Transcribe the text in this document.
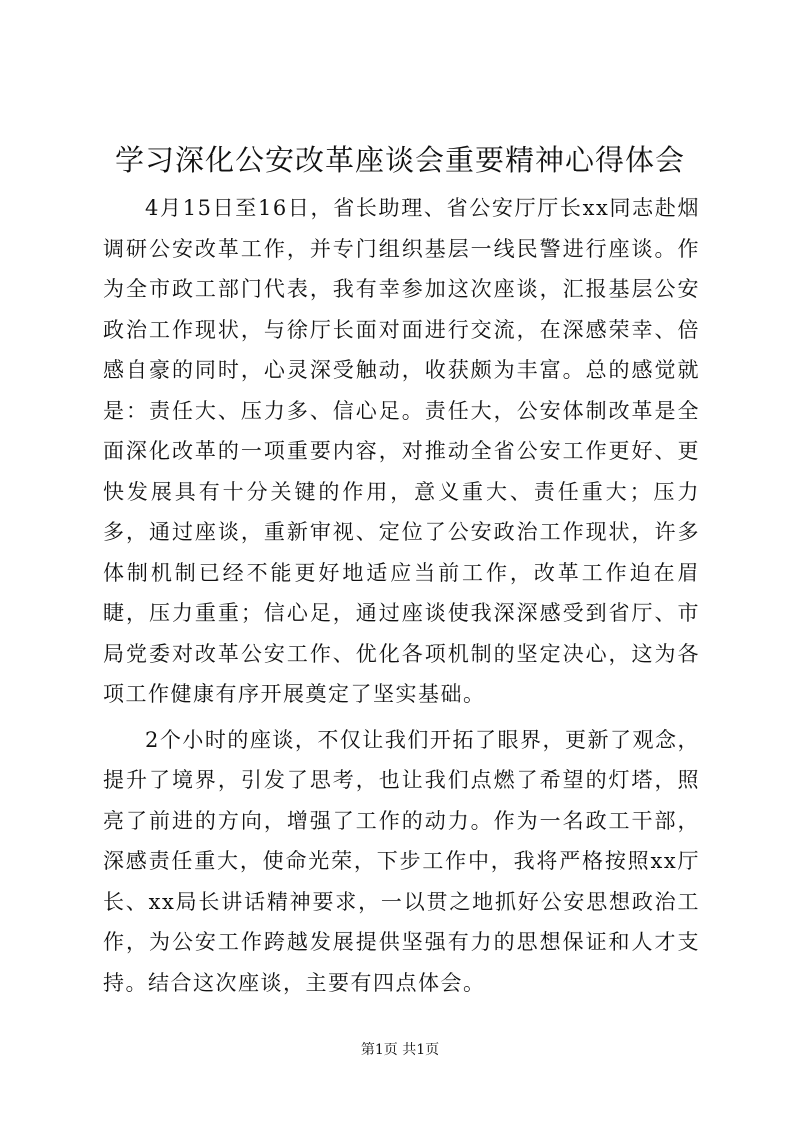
学习深化公安改革座谈会重要精神心得体会

4月15日至16日，省长助理、省公安厅厅长xx同志赴烟调研公安改革工作，并专门组织基层一线民警进行座谈。作为全市政工部门代表，我有幸参加这次座谈，汇报基层公安政治工作现状，与徐厅长面对面进行交流，在深感荣幸、倍感自豪的同时，心灵深受触动，收获颇为丰富。总的感觉就是：责任大、压力多、信心足。责任大，公安体制改革是全面深化改革的一项重要内容，对推动全省公安工作更好、更快发展具有十分关键的作用，意义重大、责任重大；压力多，通过座谈，重新审视、定位了公安政治工作现状，许多体制机制已经不能更好地适应当前工作，改革工作迫在眉睫，压力重重；信心足，通过座谈使我深深感受到省厅、市局党委对改革公安工作、优化各项机制的坚定决心，这为各项工作健康有序开展奠定了坚实基础。

2个小时的座谈，不仅让我们开拓了眼界，更新了观念，提升了境界，引发了思考，也让我们点燃了希望的灯塔，照亮了前进的方向，增强了工作的动力。作为一名政工干部，深感责任重大，使命光荣，下步工作中，我将严格按照xx厅长、xx局长讲话精神要求，一以贯之地抓好公安思想政治工作，为公安工作跨越发展提供坚强有力的思想保证和人才支持。结合这次座谈，主要有四点体会。

第1页 共1页
